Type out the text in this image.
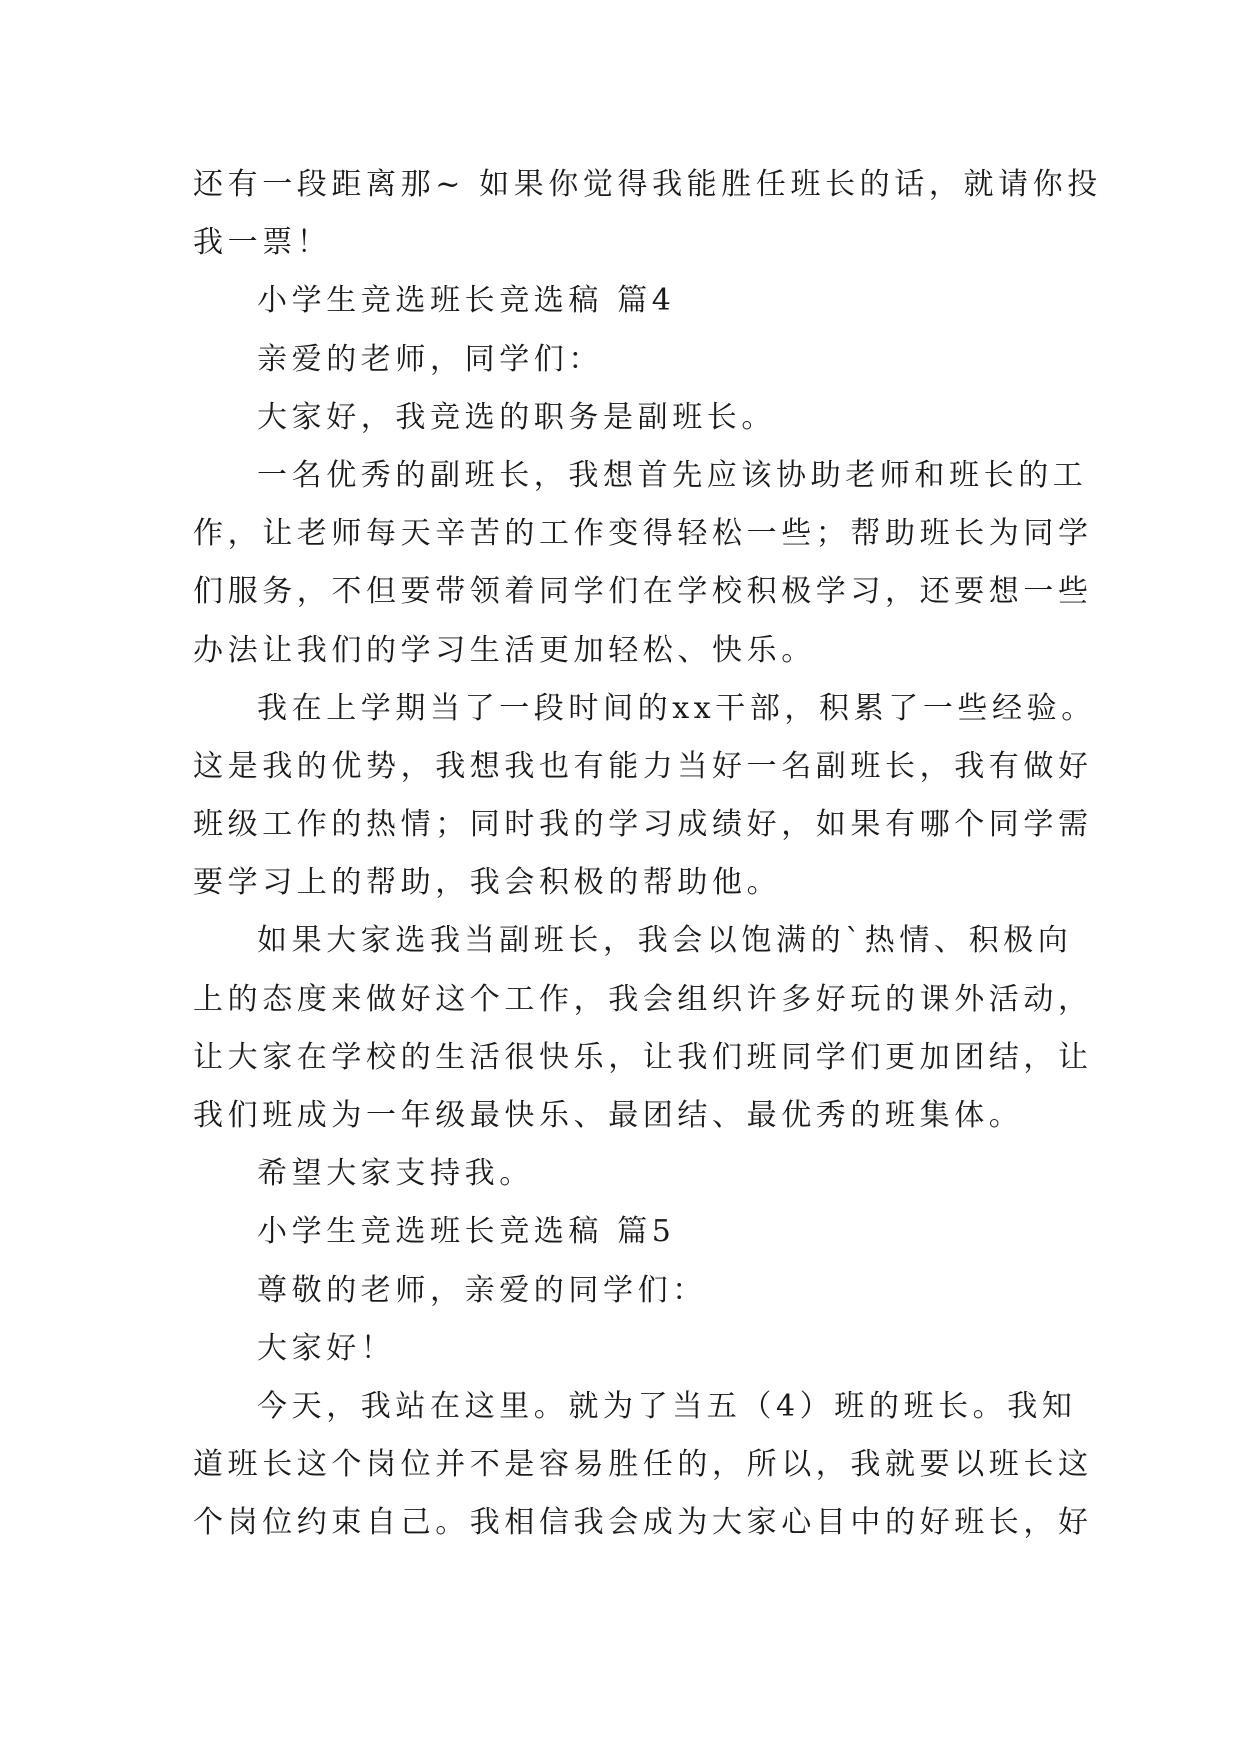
还有一段距离那~ 如果你觉得我能胜任班长的话，就请你投
我一票！
小学生竞选班长竞选稿 篇4
亲爱的老师，同学们：
大家好，我竞选的职务是副班长。
一名优秀的副班长，我想首先应该协助老师和班长的工
作，让老师每天辛苦的工作变得轻松一些；帮助班长为同学
们服务，不但要带领着同学们在学校积极学习，还要想一些
办法让我们的学习生活更加轻松、快乐。
我在上学期当了一段时间的xx干部，积累了一些经验。
这是我的优势，我想我也有能力当好一名副班长，我有做好
班级工作的热情；同时我的学习成绩好，如果有哪个同学需
要学习上的帮助，我会积极的帮助他。
如果大家选我当副班长，我会以饱满的`热情、积极向
上的态度来做好这个工作，我会组织许多好玩的课外活动，
让大家在学校的生活很快乐，让我们班同学们更加团结，让
我们班成为一年级最快乐、最团结、最优秀的班集体。
希望大家支持我。
小学生竞选班长竞选稿 篇5
尊敬的老师，亲爱的同学们：
大家好！
今天，我站在这里。就为了当五（4）班的班长。我知
道班长这个岗位并不是容易胜任的，所以，我就要以班长这
个岗位约束自己。我相信我会成为大家心目中的好班长，好
